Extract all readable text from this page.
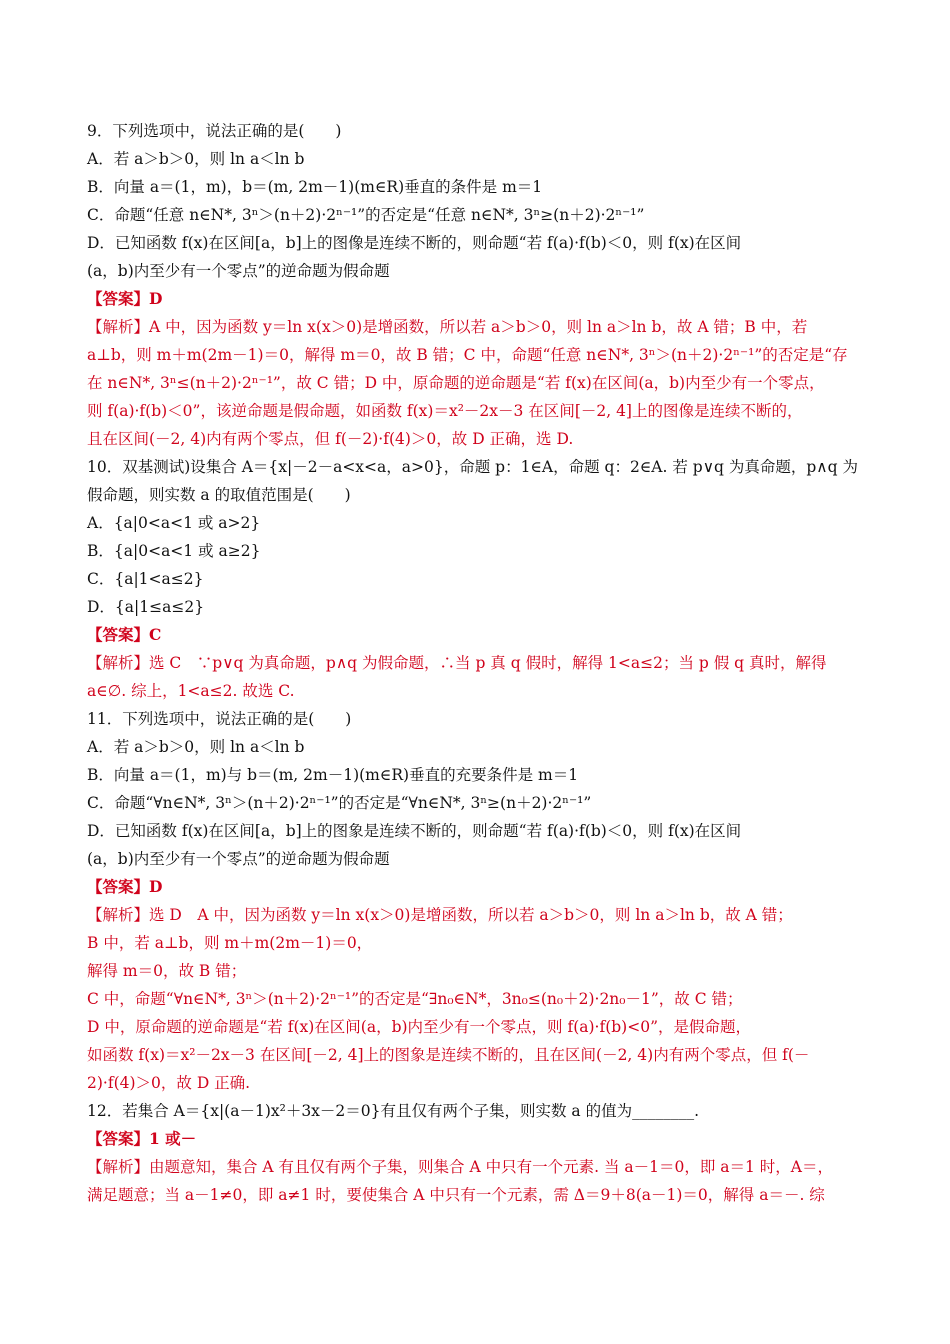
9．下列选项中，说法正确的是(　　)
A．若 a＞b＞0，则 ln a＜ln b
B．向量 a＝(1，m)，b＝(m, 2m－1)(m∈R)垂直的条件是 m＝1
C．命题“任意 n∈N*, 3ⁿ＞(n＋2)·2ⁿ⁻¹”的否定是“任意 n∈N*, 3ⁿ≥(n＋2)·2ⁿ⁻¹”
D．已知函数 f(x)在区间[a，b]上的图像是连续不断的，则命题“若 f(a)·f(b)＜0，则 f(x)在区间
(a，b)内至少有一个零点”的逆命题为假命题
【答案】D
【解析】A 中，因为函数 y＝ln x(x＞0)是增函数，所以若 a＞b＞0，则 ln a＞ln b，故 A 错；B 中，若
a⊥b，则 m＋m(2m－1)＝0，解得 m＝0，故 B 错；C 中，命题“任意 n∈N*, 3ⁿ＞(n＋2)·2ⁿ⁻¹”的否定是“存
在 n∈N*, 3ⁿ≤(n＋2)·2ⁿ⁻¹”，故 C 错；D 中，原命题的逆命题是“若 f(x)在区间(a，b)内至少有一个零点，
则 f(a)·f(b)＜0”，该逆命题是假命题，如函数 f(x)＝x²－2x－3 在区间[－2, 4]上的图像是连续不断的，
且在区间(－2, 4)内有两个零点，但 f(－2)·f(4)＞0，故 D 正确，选 D.
10．双基测试)设集合 A＝{x|－2－a<x<a，a>0}，命题 p：1∈A，命题 q：2∈A. 若 p∨q 为真命题，p∧q 为
假命题，则实数 a 的取值范围是(　　)
A．{a|0<a<1 或 a>2}
B．{a|0<a<1 或 a≥2}
C．{a|1<a≤2}
D．{a|1≤a≤2}
【答案】C
【解析】选 C　∵p∨q 为真命题，p∧q 为假命题，∴当 p 真 q 假时，解得 1<a≤2；当 p 假 q 真时，解得
a∈∅. 综上，1<a≤2. 故选 C.
11．下列选项中，说法正确的是(　　)
A．若 a＞b＞0，则 ln a＜ln b
B．向量 a＝(1，m)与 b＝(m, 2m－1)(m∈R)垂直的充要条件是 m＝1
C．命题“∀n∈N*, 3ⁿ＞(n＋2)·2ⁿ⁻¹”的否定是“∀n∈N*, 3ⁿ≥(n＋2)·2ⁿ⁻¹”
D．已知函数 f(x)在区间[a，b]上的图象是连续不断的，则命题“若 f(a)·f(b)＜0，则 f(x)在区间
(a，b)内至少有一个零点”的逆命题为假命题
【答案】D
【解析】选 D　A 中，因为函数 y＝ln x(x＞0)是增函数，所以若 a＞b＞0，则 ln a＞ln b，故 A 错；
B 中，若 a⊥b，则 m＋m(2m－1)＝0，
解得 m＝0，故 B 错；
C 中，命题“∀n∈N*, 3ⁿ＞(n＋2)·2ⁿ⁻¹”的否定是“∃n₀∈N*，3n₀≤(n₀＋2)·2n₀－1”，故 C 错；
D 中，原命题的逆命题是“若 f(x)在区间(a，b)内至少有一个零点，则 f(a)·f(b)<0”，是假命题，
如函数 f(x)＝x²－2x－3 在区间[－2, 4]上的图象是连续不断的，且在区间(－2, 4)内有两个零点，但 f(－
2)·f(4)＞0，故 D 正确.
12．若集合 A＝{x|(a－1)x²＋3x－2＝0}有且仅有两个子集，则实数 a 的值为________.
【答案】1 或－
【解析】由题意知，集合 A 有且仅有两个子集，则集合 A 中只有一个元素. 当 a－1＝0，即 a＝1 时，A＝，
满足题意；当 a－1≠0，即 a≠1 时，要使集合 A 中只有一个元素，需 Δ＝9＋8(a－1)＝0，解得 a＝－. 综
